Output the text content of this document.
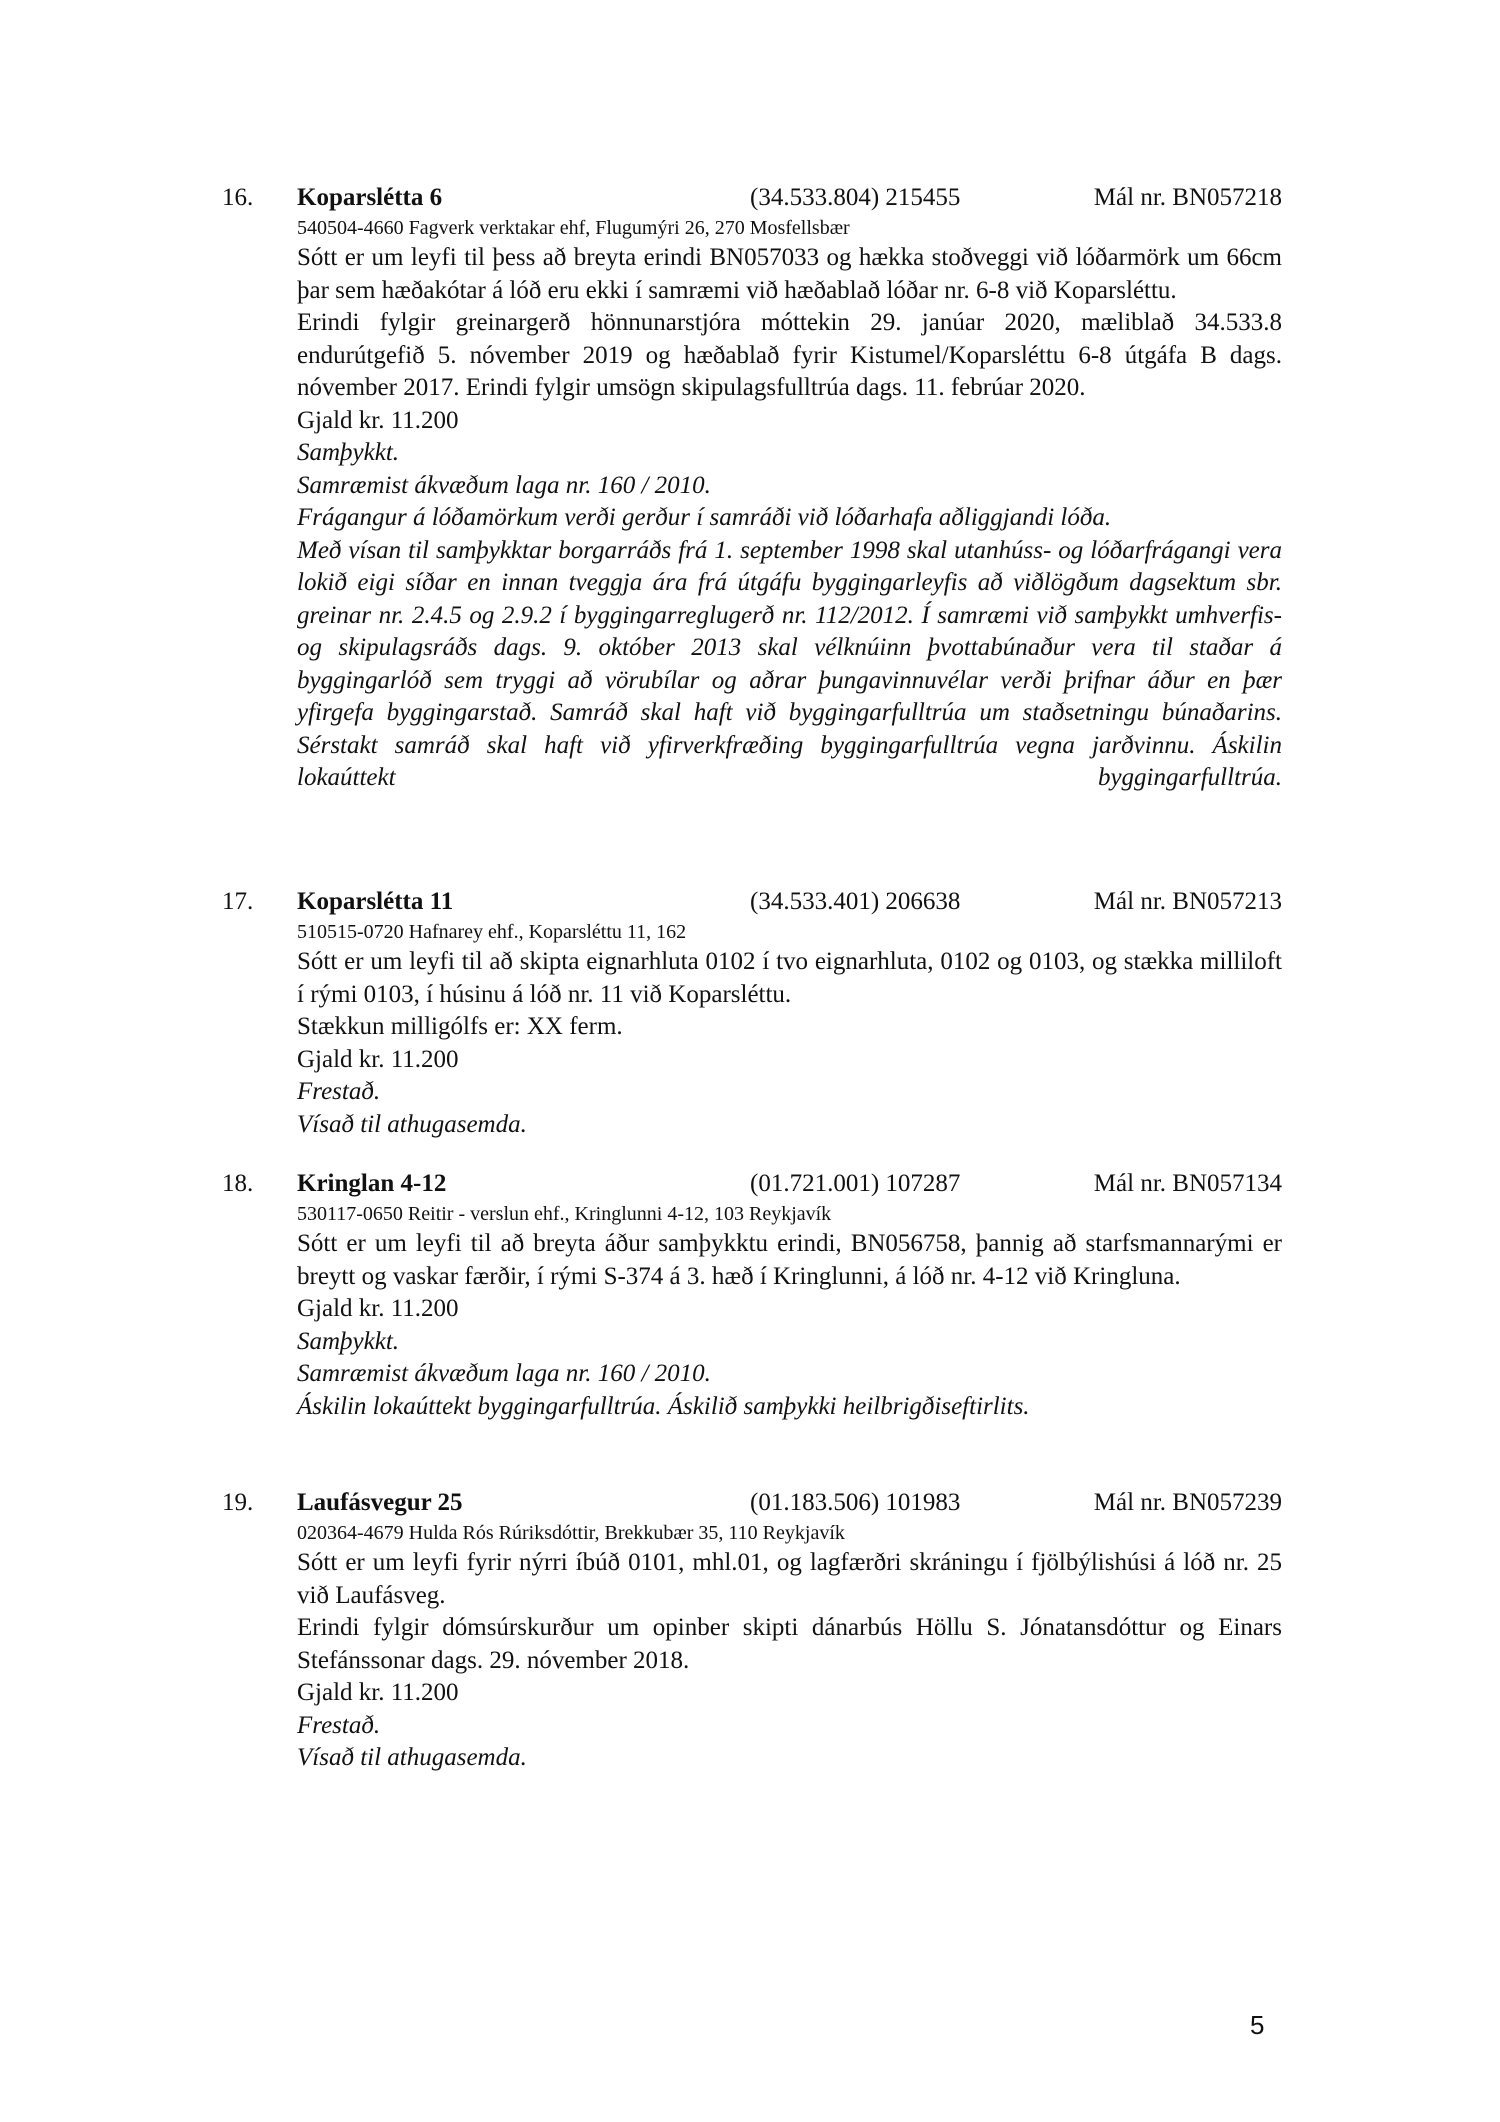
16. Koparslétta 6	(34.533.804) 215455	Mál nr. BN057218
540504-4660 Fagverk verktakar ehf, Flugumýri 26, 270 Mosfellsbær
Sótt er um leyfi til þess að breyta erindi BN057033 og hækka stoðveggi við lóðarmörk um 66cm þar sem hæðakótar á lóð eru ekki í samræmi við hæðablað lóðar nr. 6-8 við Koparsléttu.
Erindi fylgir greinargerð hönnunarstjóra móttekin 29. janúar 2020, mæliblað 34.533.8 endurútgefið 5. nóvember 2019 og hæðablað fyrir Kistumel/Koparsléttu 6-8 útgáfa B dags. nóvember 2017. Erindi fylgir umsögn skipulagsfulltrúa dags. 11. febrúar 2020.
Gjald kr. 11.200
Samþykkt.
Samræmist ákvæðum laga nr. 160 / 2010.
Frágangur á lóðamörkum verði gerður í samráði við lóðarhafa aðliggjandi lóða.
Með vísan til samþykktar borgarráðs frá 1. september 1998 skal utanhúss- og lóðarfrágangi vera lokið eigi síðar en innan tveggja ára frá útgáfu byggingarleyfis að viðlögðum dagsektum sbr. greinar nr. 2.4.5 og 2.9.2 í byggingarreglugerð nr. 112/2012. Í samræmi við samþykkt umhverfis- og skipulagsráðs dags. 9. október 2013 skal vélknúinn þvottabúnaður vera til staðar á byggingarlóð sem tryggi að vörubílar og aðrar þungavinnuvélar verði þrifnar áður en þær yfirgefa byggingarstað. Samráð skal haft við byggingarfulltrúa um staðsetningu búnaðarins. Sérstakt samráð skal haft við yfirverkfræðing byggingarfulltrúa vegna jarðvinnu. Áskilin lokaúttekt byggingarfulltrúa.
17. Koparslétta 11	(34.533.401) 206638	Mál nr. BN057213
510515-0720 Hafnarey ehf., Koparsléttu 11, 162
Sótt er um leyfi til að skipta eignarhluta 0102 í tvo eignarhluta, 0102 og 0103, og stækka milliloft í rými 0103, í húsinu á lóð nr. 11 við Koparsléttu.
Stækkun milligólfs er: XX ferm.
Gjald kr. 11.200
Frestað.
Vísað til athugasemda.
18. Kringlan 4-12	(01.721.001) 107287	Mál nr. BN057134
530117-0650 Reitir - verslun ehf., Kringlunni 4-12, 103 Reykjavík
Sótt er um leyfi til að breyta áður samþykktu erindi, BN056758, þannig að starfsmannarými er breytt og vaskar færðir, í rými S-374 á 3. hæð í Kringlunni, á lóð nr. 4-12 við Kringluna.
Gjald kr. 11.200
Samþykkt.
Samræmist ákvæðum laga nr. 160 / 2010.
Áskilin lokaúttekt byggingarfulltrúa. Áskilið samþykki heilbrigðiseftirlits.
19. Laufásvegur 25	(01.183.506) 101983	Mál nr. BN057239
020364-4679 Hulda Rós Rúriksdóttir, Brekkubær 35, 110 Reykjavík
Sótt er um leyfi fyrir nýrri íbúð 0101, mhl.01, og lagfærðri skráningu í fjölbýlishúsi á lóð nr. 25 við Laufásveg.
Erindi fylgir dómsúrskurður um opinber skipti dánarbús Höllu S. Jónatansdóttur og Einars Stefánssonar dags. 29. nóvember 2018.
Gjald kr. 11.200
Frestað.
Vísað til athugasemda.
5
